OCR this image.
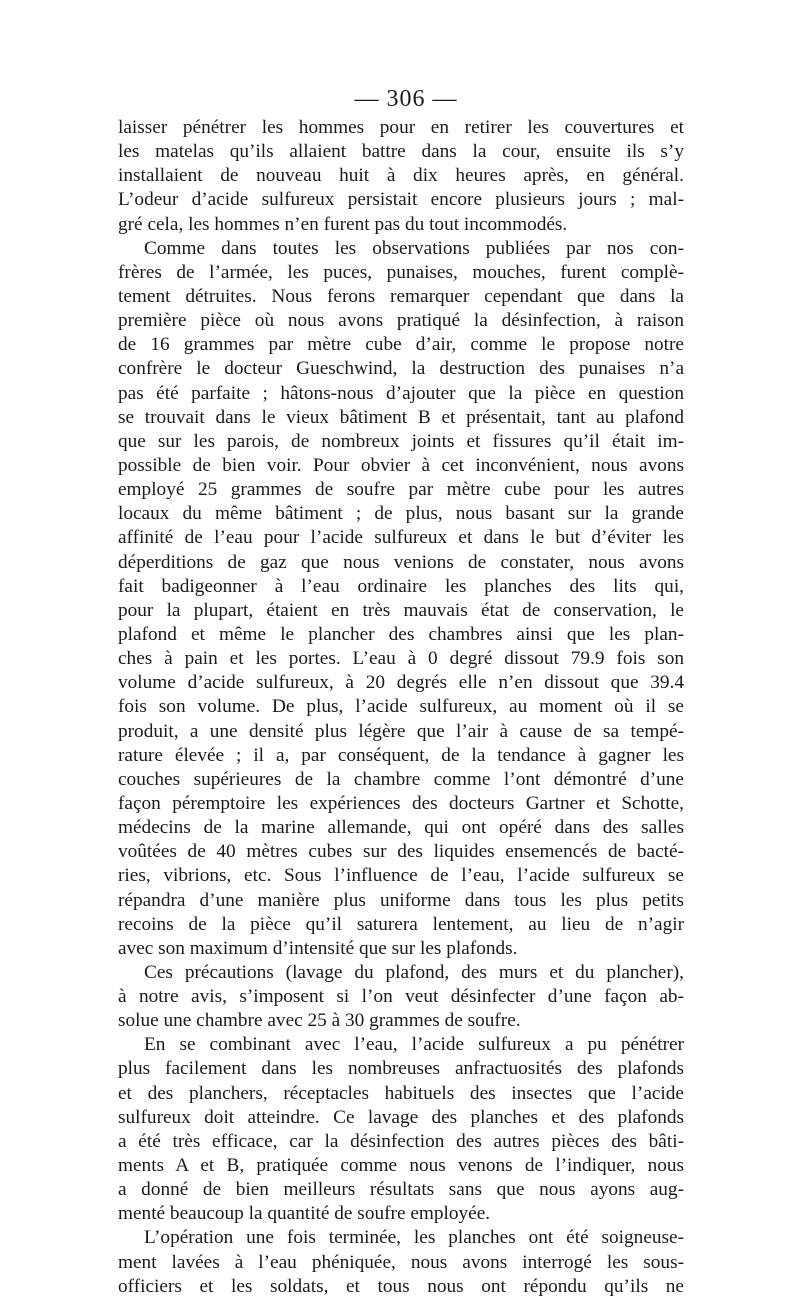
— 306 —
laisser pénétrer les hommes pour en retirer les couvertures et
les matelas qu’ils allaient battre dans la cour, ensuite ils s’y
installaient de nouveau huit à dix heures après, en général.
L’odeur d’acide sulfureux persistait encore plusieurs jours ; mal-
gré cela, les hommes n’en furent pas du tout incommodés.
Comme dans toutes les observations publiées par nos con-
frères de l’armée, les puces, punaises, mouches, furent complè-
tement détruites. Nous ferons remarquer cependant que dans la
première pièce où nous avons pratiqué la désinfection, à raison
de 16 grammes par mètre cube d’air, comme le propose notre
confrère le docteur Gueschwind, la destruction des punaises n’a
pas été parfaite ; hâtons-nous d’ajouter que la pièce en question
se trouvait dans le vieux bâtiment B et présentait, tant au plafond
que sur les parois, de nombreux joints et fissures qu’il était im-
possible de bien voir. Pour obvier à cet inconvénient, nous avons
employé 25 grammes de soufre par mètre cube pour les autres
locaux du même bâtiment ; de plus, nous basant sur la grande
affinité de l’eau pour l’acide sulfureux et dans le but d’éviter les
déperditions de gaz que nous venions de constater, nous avons
fait badigeonner à l’eau ordinaire les planches des lits qui,
pour la plupart, étaient en très mauvais état de conservation, le
plafond et même le plancher des chambres ainsi que les plan-
ches à pain et les portes. L’eau à 0 degré dissout 79.9 fois son
volume d’acide sulfureux, à 20 degrés elle n’en dissout que 39.4
fois son volume. De plus, l’acide sulfureux, au moment où il se
produit, a une densité plus légère que l’air à cause de sa tempé-
rature élevée ; il a, par conséquent, de la tendance à gagner les
couches supérieures de la chambre comme l’ont démontré d’une
façon péremptoire les expériences des docteurs Gartner et Schotte,
médecins de la marine allemande, qui ont opéré dans des salles
voûtées de 40 mètres cubes sur des liquides ensemencés de bacté-
ries, vibrions, etc. Sous l’influence de l’eau, l’acide sulfureux se
répandra d’une manière plus uniforme dans tous les plus petits
recoins de la pièce qu’il saturera lentement, au lieu de n’agir
avec son maximum d’intensité que sur les plafonds.
Ces précautions (lavage du plafond, des murs et du plancher),
à notre avis, s’imposent si l’on veut désinfecter d’une façon ab-
solue une chambre avec 25 à 30 grammes de soufre.
En se combinant avec l’eau, l’acide sulfureux a pu pénétrer
plus facilement dans les nombreuses anfractuosités des plafonds
et des planchers, réceptacles habituels des insectes que l’acide
sulfureux doit atteindre. Ce lavage des planches et des plafonds
a été très efficace, car la désinfection des autres pièces des bâti-
ments A et B, pratiquée comme nous venons de l’indiquer, nous
a donné de bien meilleurs résultats sans que nous ayons aug-
menté beaucoup la quantité de soufre employée.
L’opération une fois terminée, les planches ont été soigneuse-
ment lavées à l’eau phéniquée, nous avons interrogé les sous-
officiers et les soldats, et tous nous ont répondu qu’ils ne
